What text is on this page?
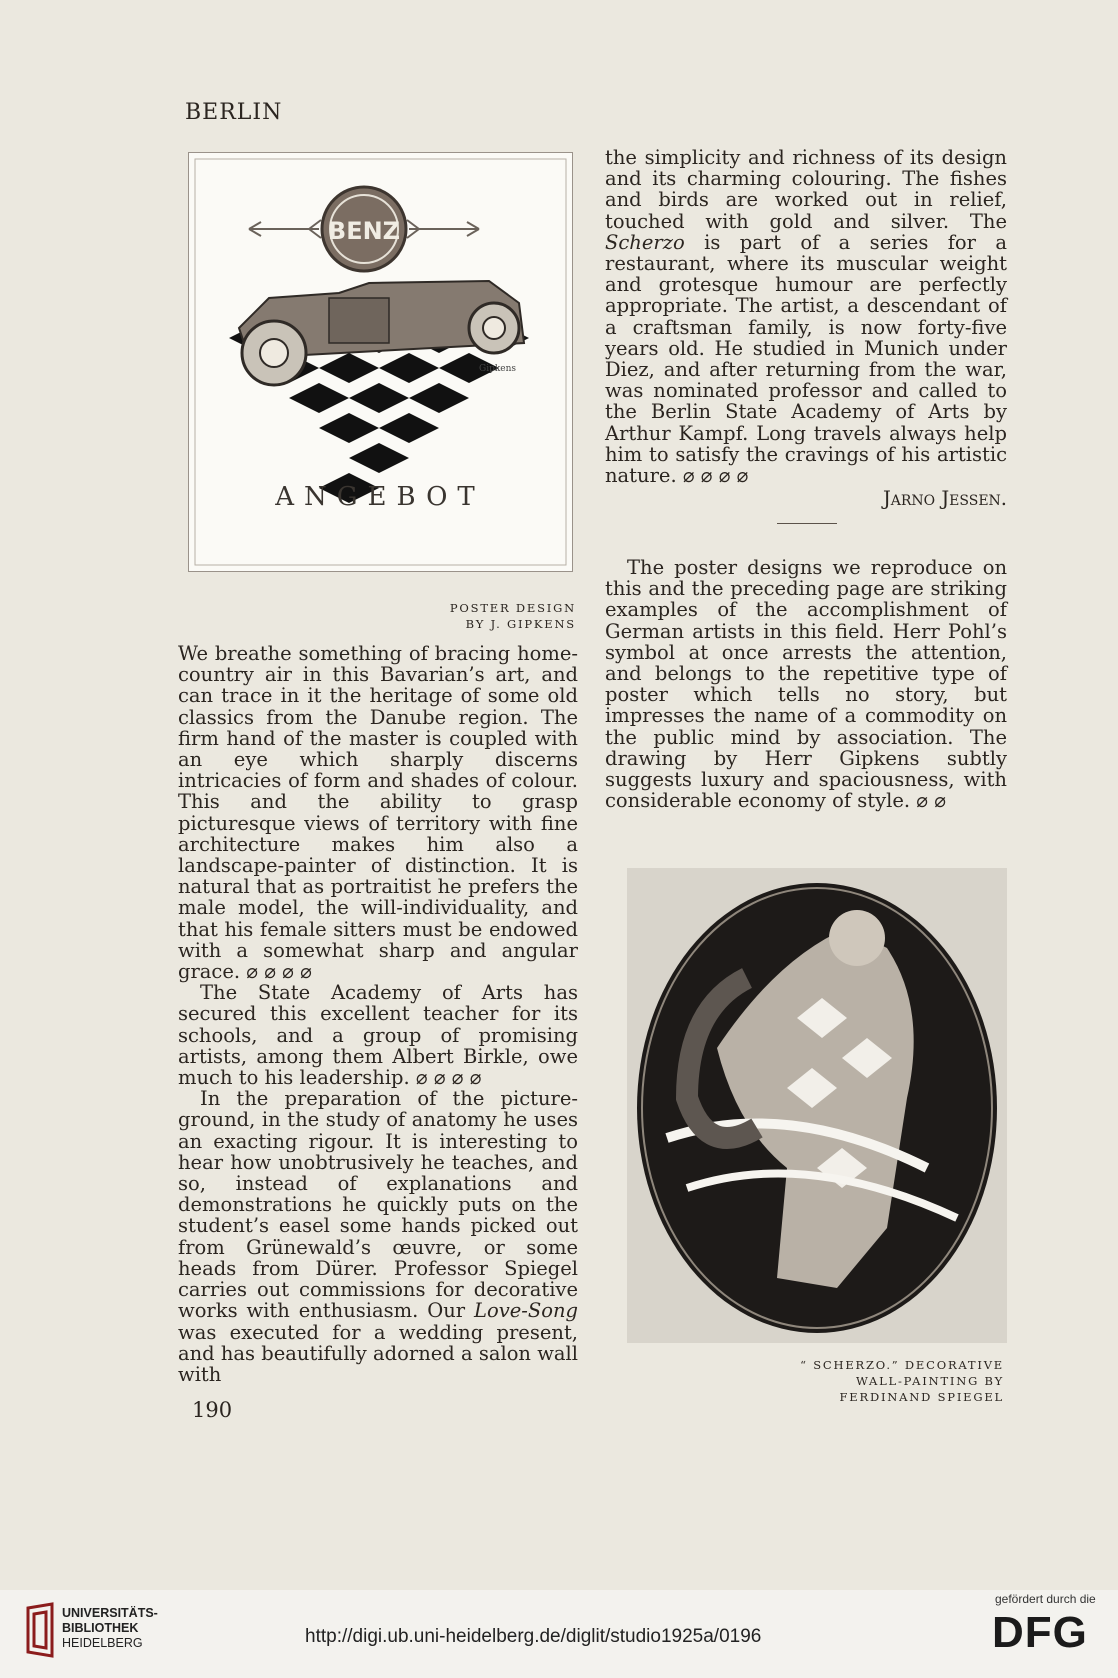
BERLIN
BENZ
Gipkens
ANGEBOT
POSTER DESIGN
BY J. GIPKENS

We breathe something of bracing home-country air in this Bavarian’s art, and can trace in it the heritage of some old classics from the Danube region. The firm hand of the master is coupled with an eye which sharply discerns intricacies of form and shades of colour. This and the ability to grasp picturesque views of territory with fine architecture makes him also a landscape-painter of distinction. It is natural that as portraitist he prefers the male model, the will-individuality, and that his female sitters must be endowed with a somewhat sharp and angular grace. ⌀ ⌀ ⌀ ⌀

The State Academy of Arts has secured this excellent teacher for its schools, and a group of promising artists, among them Albert Birkle, owe much to his leadership. ⌀ ⌀ ⌀ ⌀

In the preparation of the picture-ground, in the study of anatomy he uses an exacting rigour. It is interesting to hear how unobtrusively he teaches, and so, instead of explanations and demonstrations he quickly puts on the student’s easel some hands picked out from Grünewald’s œuvre, or some heads from Dürer. Professor Spiegel carries out commissions for decorative works with enthusiasm. Our Love-Song was executed for a wedding present, and has beautifully adorned a salon wall with

190

the simplicity and richness of its design and its charming colouring. The fishes and birds are worked out in relief, touched with gold and silver. The Scherzo is part of a series for a restaurant, where its muscular weight and grotesque humour are perfectly appropriate. The artist, a descendant of a craftsman family, is now forty-five years old. He studied in Munich under Diez, and after returning from the war, was nominated professor and called to the Berlin State Academy of Arts by Arthur Kampf. Long travels always help him to satisfy the cravings of his artistic nature. ⌀ ⌀ ⌀ ⌀

Jarno Jessen.

The poster designs we reproduce on this and the preceding page are striking examples of the accomplishment of German artists in this field. Herr Pohl’s symbol at once arrests the attention, and belongs to the repetitive type of poster which tells no story, but impresses the name of a commodity on the public mind by association. The drawing by Herr Gipkens subtly suggests luxury and spaciousness, with considerable economy of style. ⌀ ⌀

“ SCHERZO.” DECORATIVE
WALL-PAINTING BY
FERDINAND SPIEGEL
UNIVERSITÄTS-
BIBLIOTHEK
HEIDELBERG	http://digi.ub.uni-heidelberg.de/diglit/studio1925a/0196
gefördert durch die
DFG
